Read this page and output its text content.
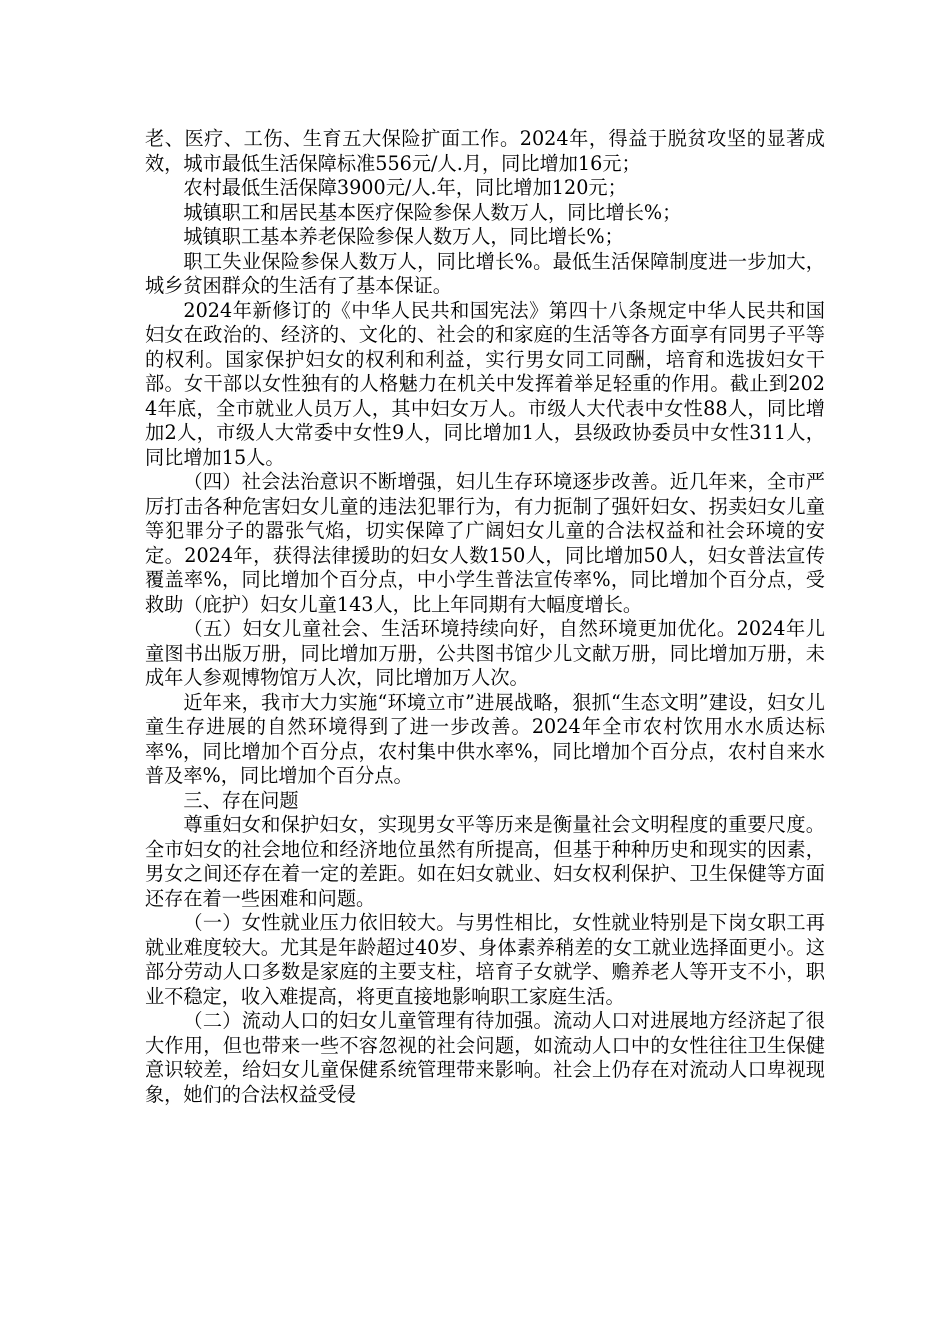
老、医疗、工伤、生育五大保险扩面工作。2024年，得益于脱贫攻坚的显著成效，城市最低生活保障标准556元/人.月，同比增加16元；

农村最低生活保障3900元/人.年，同比增加120元；

城镇职工和居民基本医疗保险参保人数万人，同比增长%；

城镇职工基本养老保险参保人数万人，同比增长%；

职工失业保险参保人数万人，同比增长%。最低生活保障制度进一步加大，城乡贫困群众的生活有了基本保证。

2024年新修订的《中华人民共和国宪法》第四十八条规定中华人民共和国妇女在政治的、经济的、文化的、社会的和家庭的生活等各方面享有同男子平等的权利。国家保护妇女的权利和利益，实行男女同工同酬，培育和选拔妇女干部。女干部以女性独有的人格魅力在机关中发挥着举足轻重的作用。截止到2024年底，全市就业人员万人，其中妇女万人。市级人大代表中女性88人，同比增加2人，市级人大常委中女性9人，同比增加1人，县级政协委员中女性311人，同比增加15人。

（四）社会法治意识不断增强，妇儿生存环境逐步改善。近几年来，全市严厉打击各种危害妇女儿童的违法犯罪行为，有力扼制了强奸妇女、拐卖妇女儿童等犯罪分子的嚣张气焰，切实保障了广阔妇女儿童的合法权益和社会环境的安定。2024年，获得法律援助的妇女人数150人，同比增加50人，妇女普法宣传覆盖率%，同比增加个百分点，中小学生普法宣传率%，同比增加个百分点，受救助（庇护）妇女儿童143人，比上年同期有大幅度增长。

（五）妇女儿童社会、生活环境持续向好，自然环境更加优化。2024年儿童图书出版万册，同比增加万册，公共图书馆少儿文献万册，同比增加万册，未成年人参观博物馆万人次，同比增加万人次。

近年来，我市大力实施“环境立市”进展战略，狠抓“生态文明”建设，妇女儿童生存进展的自然环境得到了进一步改善。2024年全市农村饮用水水质达标率%，同比增加个百分点，农村集中供水率%，同比增加个百分点，农村自来水普及率%，同比增加个百分点。

三、存在问题

尊重妇女和保护妇女，实现男女平等历来是衡量社会文明程度的重要尺度。全市妇女的社会地位和经济地位虽然有所提高，但基于种种历史和现实的因素，男女之间还存在着一定的差距。如在妇女就业、妇女权利保护、卫生保健等方面还存在着一些困难和问题。

（一）女性就业压力依旧较大。与男性相比，女性就业特别是下岗女职工再就业难度较大。尤其是年龄超过40岁、身体素养稍差的女工就业选择面更小。这部分劳动人口多数是家庭的主要支柱，培育子女就学、赡养老人等开支不小，职业不稳定，收入难提高，将更直接地影响职工家庭生活。

（二）流动人口的妇女儿童管理有待加强。流动人口对进展地方经济起了很大作用，但也带来一些不容忽视的社会问题，如流动人口中的女性往往卫生保健意识较差，给妇女儿童保健系统管理带来影响。社会上仍存在对流动人口卑视现象，她们的合法权益受侵
